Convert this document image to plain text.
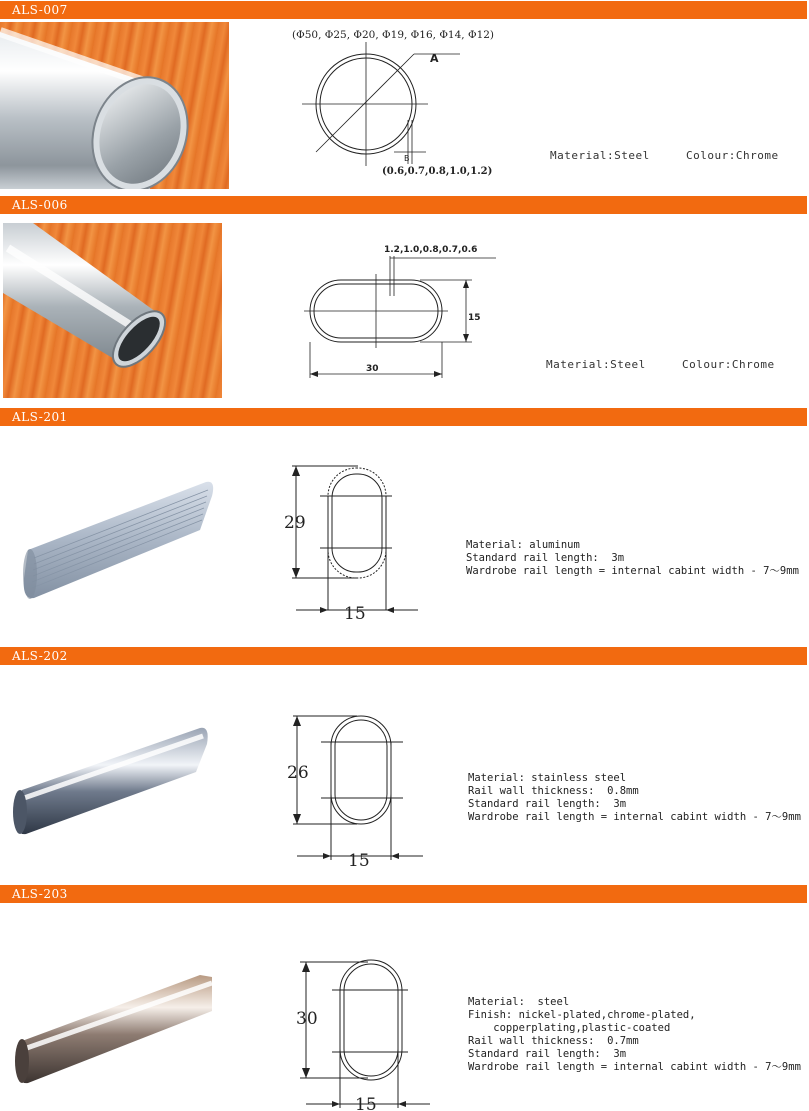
ALS-007
(Φ50, Φ25, Φ20, Φ19, Φ16, Φ14, Φ12)
A
B
(0.6,0.7,0.8,1.0,1.2)
Material:Steel	Colour:Chrome
ALS-006
1.2,1.0,0.8,0.7,0.6
15
30	Material:Steel	Colour:Chrome
ALS-201
29
15
Material: aluminum
Standard rail length:  3m
Wardrobe rail length = internal cabint width - 7～9mm
ALS-202
26
15
Material: stainless steel
Rail wall thickness:  0.8mm
Standard rail length:  3m
Wardrobe rail length = internal cabint width - 7～9mm
ALS-203
30
15
Material:  steel
Finish: nickel-plated,chrome-plated,
copperplating,plastic-coated
Rail wall thickness:  0.7mm
Standard rail length:  3m
Wardrobe rail length = internal cabint width - 7～9mm
